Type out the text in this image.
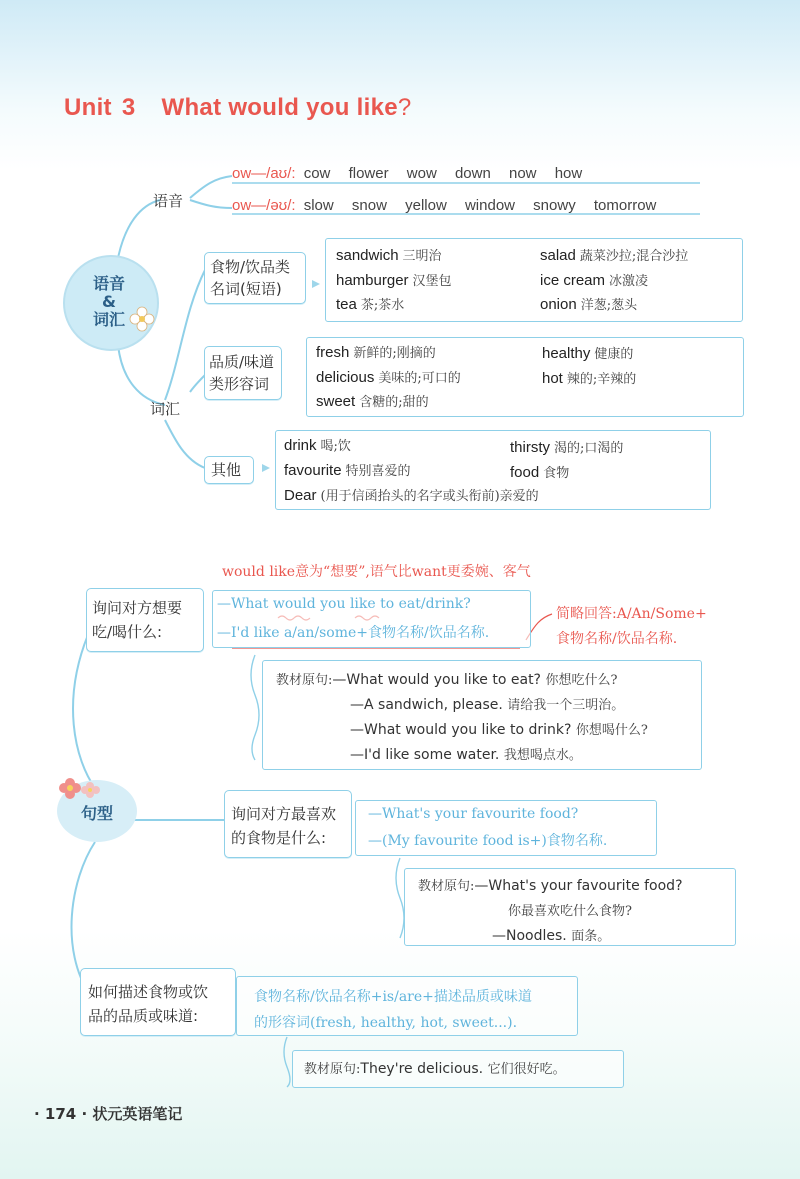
Unit 3 What would you like?
语音
&
词汇
语音
ow—/aʊ/: cow flower wow down now how
ow—/əʊ/: slow snow yellow window snowy tomorrow
词汇
食物/饮品类
名词(短语)
sandwich 三明治	salad 蔬菜沙拉;混合沙拉
hamburger 汉堡包	ice cream 冰激凌
tea 茶;茶水	onion 洋葱;葱头
品质/味道
类形容词
fresh 新鲜的;刚摘的	healthy 健康的
delicious 美味的;可口的	hot 辣的;辛辣的
sweet 含糖的;甜的
其他
drink 喝;饮	thirsty 渴的;口渴的
favourite 特别喜爱的	food 食物
Dear (用于信函抬头的名字或头衔前)亲爱的
would like意为“想要”,语气比want更委婉、客气
询问对方想要
吃/喝什么:
—What would you like to eat/drink?
—I'd like a/an/some+食物名称/饮品名称.
简略回答:A/An/Some+
食物名称/饮品名称.
教材原句:—What would you like to eat? 你想吃什么?
—A sandwich, please. 请给我一个三明治。
—What would you like to drink? 你想喝什么?
—I'd like some water. 我想喝点水。
句型	询问对方最喜欢
的食物是什么:
—What's your favourite food?
—(My favourite food is+)食物名称.
教材原句:—What's your favourite food?
你最喜欢吃什么食物?
—Noodles. 面条。
如何描述食物或饮
品的品质或味道:
食物名称/饮品名称+is/are+描述品质或味道
的形容词(fresh, healthy, hot, sweet...).
教材原句:They're delicious. 它们很好吃。
· 174 · 状元英语笔记
